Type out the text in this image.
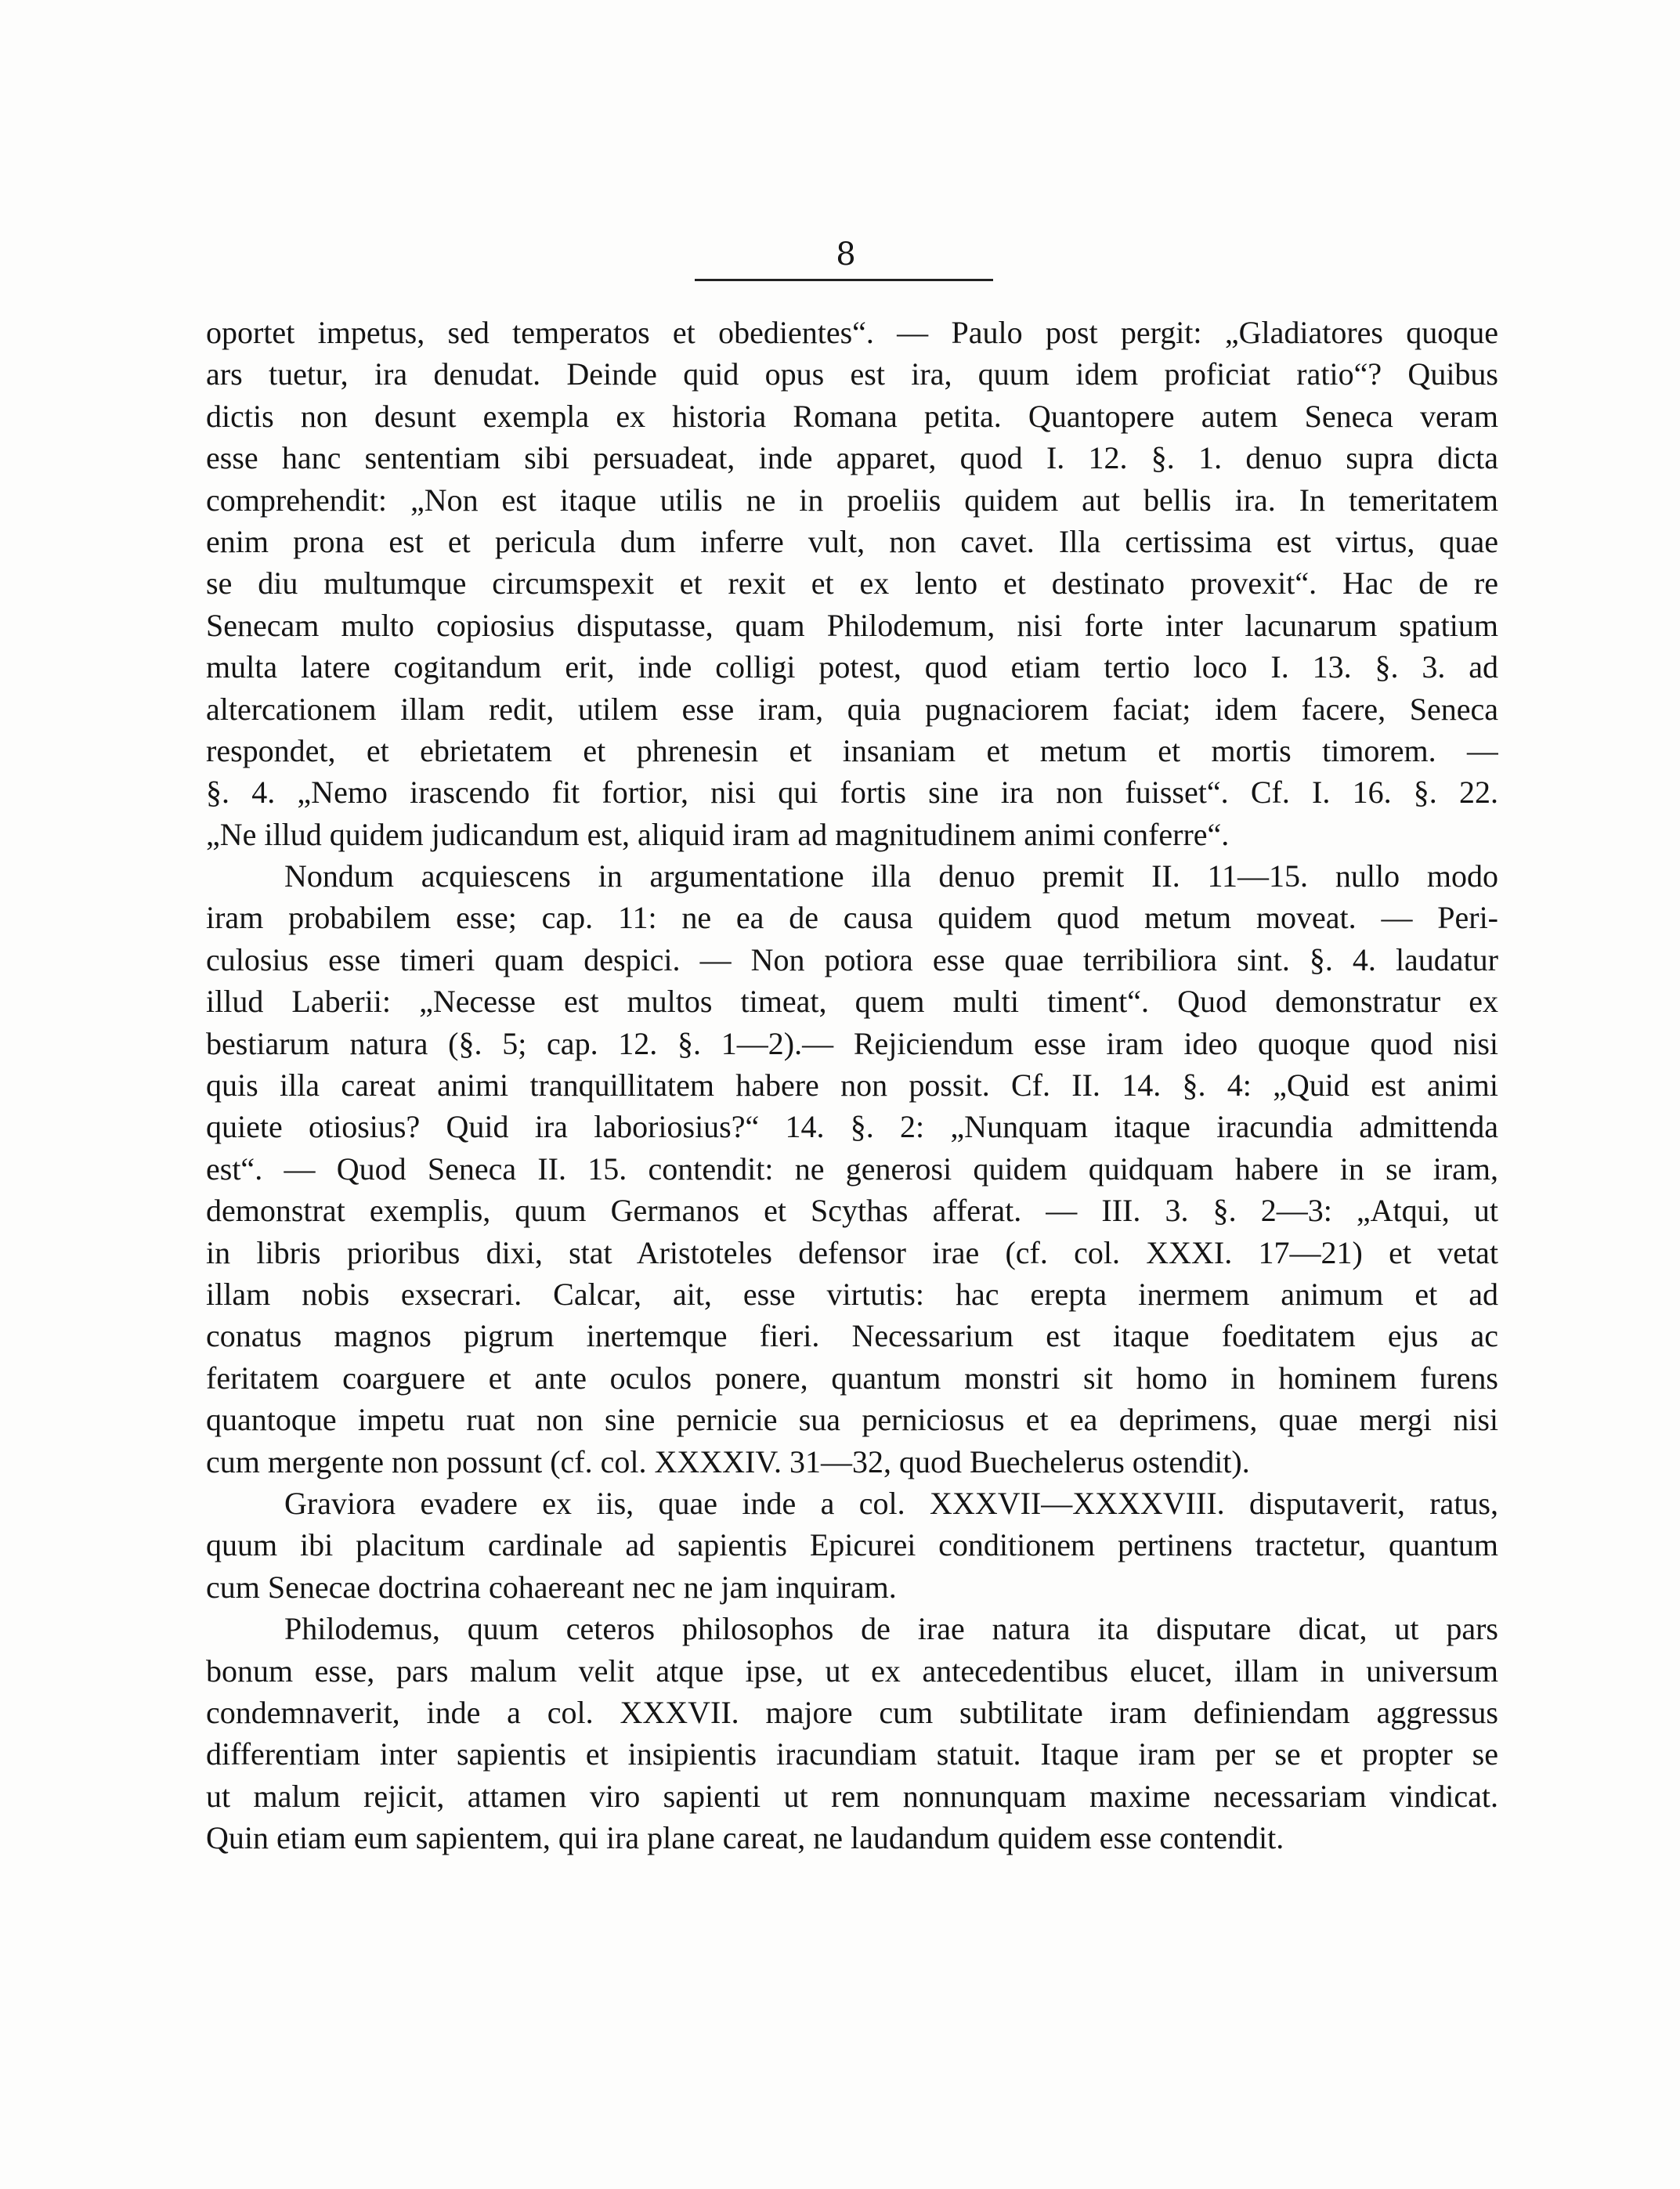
8
oportet impetus, sed temperatos et obedientes“. — Paulo post pergit: „Gladiatores quoque
ars tuetur, ira denudat. Deinde quid opus est ira, quum idem proficiat ratio“? Quibus
dictis non desunt exempla ex historia Romana petita. Quantopere autem Seneca veram
esse hanc sententiam sibi persuadeat, inde apparet, quod I. 12. §. 1. denuo supra dicta
comprehendit: „Non est itaque utilis ne in proeliis quidem aut bellis ira. In temeritatem
enim prona est et pericula dum inferre vult, non cavet. Illa certissima est virtus, quae
se diu multumque circumspexit et rexit et ex lento et destinato provexit“. Hac de re
Senecam multo copiosius disputasse, quam Philodemum, nisi forte inter lacunarum spatium
multa latere cogitandum erit, inde colligi potest, quod etiam tertio loco I. 13. §. 3. ad
altercationem illam redit, utilem esse iram, quia pugnaciorem faciat; idem facere, Seneca
respondet, et ebrietatem et phrenesin et insaniam et metum et mortis timorem. —
§. 4. „Nemo irascendo fit fortior, nisi qui fortis sine ira non fuisset“. Cf. I. 16. §. 22.
„Ne illud quidem judicandum est, aliquid iram ad magnitudinem animi conferre“.
Nondum acquiescens in argumentatione illa denuo premit II. 11—15. nullo modo
iram probabilem esse; cap. 11: ne ea de causa quidem quod metum moveat. — Peri-
culosius esse timeri quam despici. — Non potiora esse quae terribiliora sint. §. 4. laudatur
illud Laberii: „Necesse est multos timeat, quem multi timent“. Quod demonstratur ex
bestiarum natura (§. 5; cap. 12. §. 1—2).— Rejiciendum esse iram ideo quoque quod nisi
quis illa careat animi tranquillitatem habere non possit. Cf. II. 14. §. 4: „Quid est animi
quiete otiosius? Quid ira laboriosius?“ 14. §. 2: „Nunquam itaque iracundia admittenda
est“. — Quod Seneca II. 15. contendit: ne generosi quidem quidquam habere in se iram,
demonstrat exemplis, quum Germanos et Scythas afferat. — III. 3. §. 2—3: „Atqui, ut
in libris prioribus dixi, stat Aristoteles defensor irae (cf. col. XXXI. 17—21) et vetat
illam nobis exsecrari. Calcar, ait, esse virtutis: hac erepta inermem animum et ad
conatus magnos pigrum inertemque fieri. Necessarium est itaque foeditatem ejus ac
feritatem coarguere et ante oculos ponere, quantum monstri sit homo in hominem furens
quantoque impetu ruat non sine pernicie sua perniciosus et ea deprimens, quae mergi nisi
cum mergente non possunt (cf. col. XXXXIV. 31—32, quod Buechelerus ostendit).
Graviora evadere ex iis, quae inde a col. XXXVII—XXXXVIII. disputaverit, ratus,
quum ibi placitum cardinale ad sapientis Epicurei conditionem pertinens tractetur, quantum
cum Senecae doctrina cohaereant nec ne jam inquiram.
Philodemus, quum ceteros philosophos de irae natura ita disputare dicat, ut pars
bonum esse, pars malum velit atque ipse, ut ex antecedentibus elucet, illam in universum
condemnaverit, inde a col. XXXVII. majore cum subtilitate iram definiendam aggressus
differentiam inter sapientis et insipientis iracundiam statuit. Itaque iram per se et propter se
ut malum rejicit, attamen viro sapienti ut rem nonnunquam maxime necessariam vindicat.
Quin etiam eum sapientem, qui ira plane careat, ne laudandum quidem esse contendit.
